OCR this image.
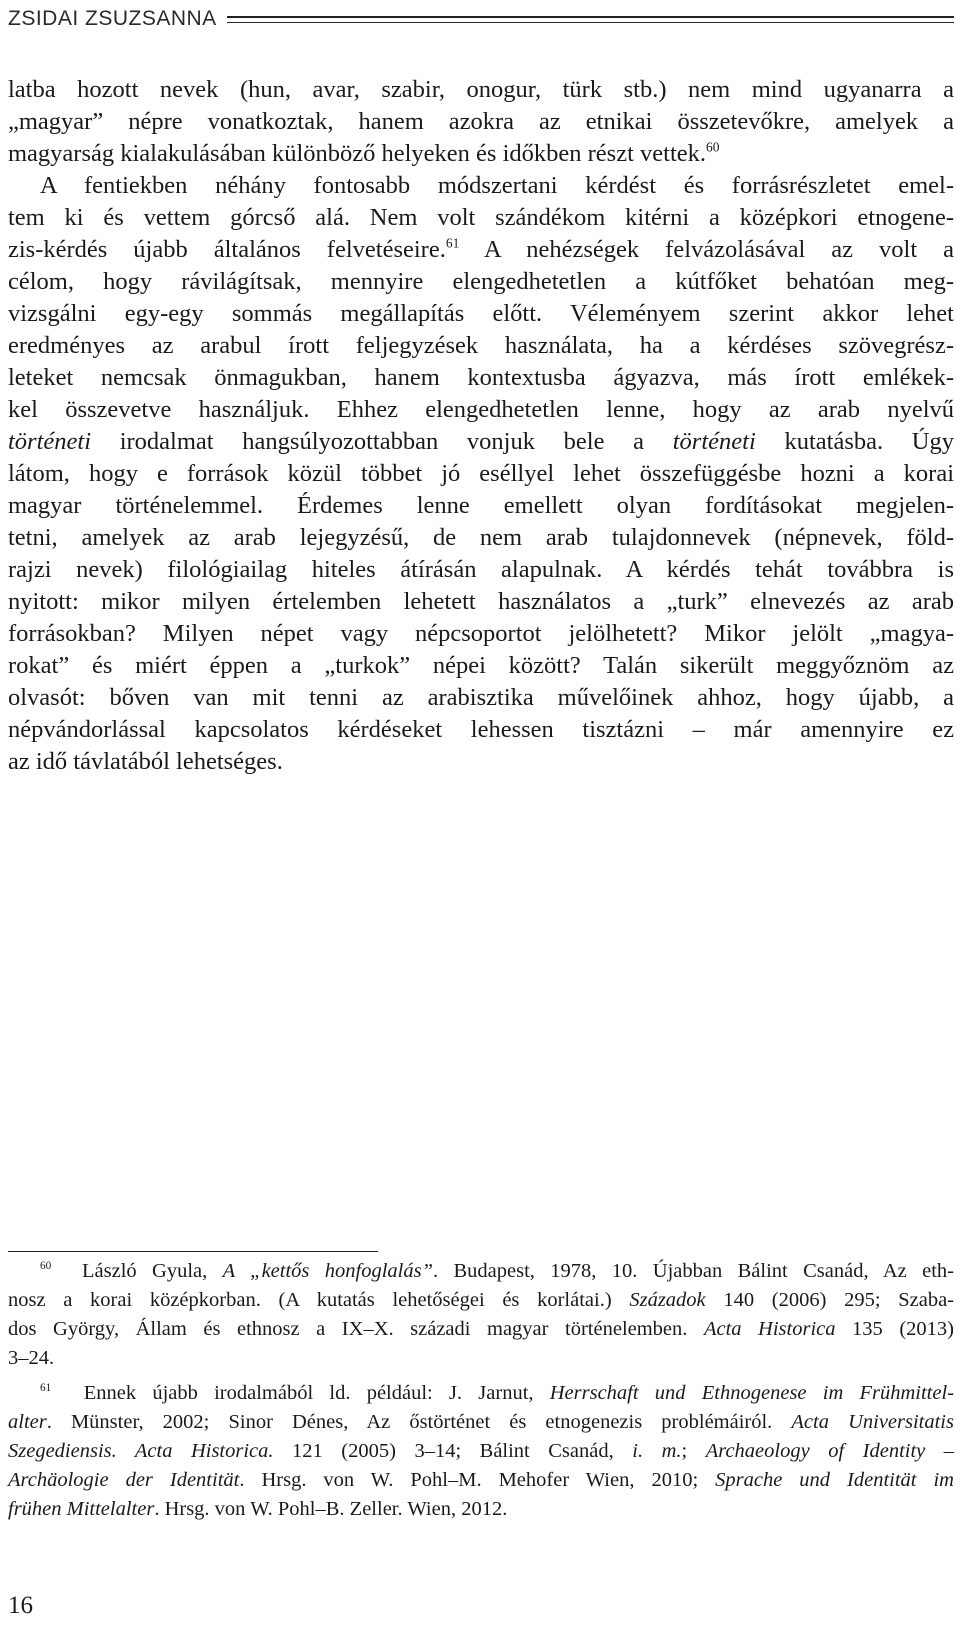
ZSIDAI ZSUZSANNA
latba hozott nevek (hun, avar, szabir, onogur, türk stb.) nem mind ugyanarra a
„magyar” népre vonatkoztak, hanem azokra az etnikai összetevőkre, amelyek a
magyarság kialakulásában különböző helyeken és időkben részt vettek.$^{60}$
A fentiekben néhány fontosabb módszertani kérdést és forrásrészletet emel-
tem ki és vettem górcső alá. Nem volt szándékom kitérni a középkori etnogene-
zis-kérdés újabb általános felvetéseire.$^{61}$ A nehézségek felvázolásával az volt a
célom, hogy rávilágítsak, mennyire elengedhetetlen a kútfőket behatóan meg-
vizsgálni egy-egy sommás megállapítás előtt. Véleményem szerint akkor lehet
eredményes az arabul írott feljegyzések használata, ha a kérdéses szövegrész-
leteket nemcsak önmagukban, hanem kontextusba ágyazva, más írott emlékek-
kel összevetve használjuk. Ehhez elengedhetetlen lenne, hogy az arab nyelvű
történeti irodalmat hangsúlyozottabban vonjuk bele a történeti kutatásba. Úgy
látom, hogy e források közül többet jó eséllyel lehet összefüggésbe hozni a korai
magyar történelemmel. Érdemes lenne emellett olyan fordításokat megjelen-
tetni, amelyek az arab lejegyzésű, de nem arab tulajdonnevek (népnevek, föld-
rajzi nevek) filológiailag hiteles átírásán alapulnak. A kérdés tehát továbbra is
nyitott: mikor milyen értelemben lehetett használatos a „turk” elnevezés az arab
forrásokban? Milyen népet vagy népcsoportot jelölhetett? Mikor jelölt „magya-
rokat” és miért éppen a „turkok” népei között? Talán sikerült meggyőznöm az
olvasót: bőven van mit tenni az arabisztika művelőinek ahhoz, hogy újabb, a
népvándorlással kapcsolatos kérdéseket lehessen tisztázni – már amennyire ez
az idő távlatából lehetséges.
$^{60}$ László Gyula, A „kettős honfoglalás”. Budapest, 1978, 10. Újabban Bálint Csanád, Az eth-
nosz a korai középkorban. (A kutatás lehetőségei és korlátai.) Századok 140 (2006) 295; Szaba-
dos György, Állam és ethnosz a IX–X. századi magyar történelemben. Acta Historica 135 (2013)
3–24.
$^{61}$ Ennek újabb irodalmából ld. például: J. Jarnut, Herrschaft und Ethnogenese im Frühmittel-
alter. Münster, 2002; Sinor Dénes, Az őstörténet és etnogenezis problémáiról. Acta Universitatis
Szegediensis. Acta Historica. 121 (2005) 3–14; Bálint Csanád, i. m.; Archaeology of Identity –
Archäologie der Identität. Hrsg. von W. Pohl–M. Mehofer Wien, 2010; Sprache und Identität im
frühen Mittelalter. Hrsg. von W. Pohl–B. Zeller. Wien, 2012.
16
